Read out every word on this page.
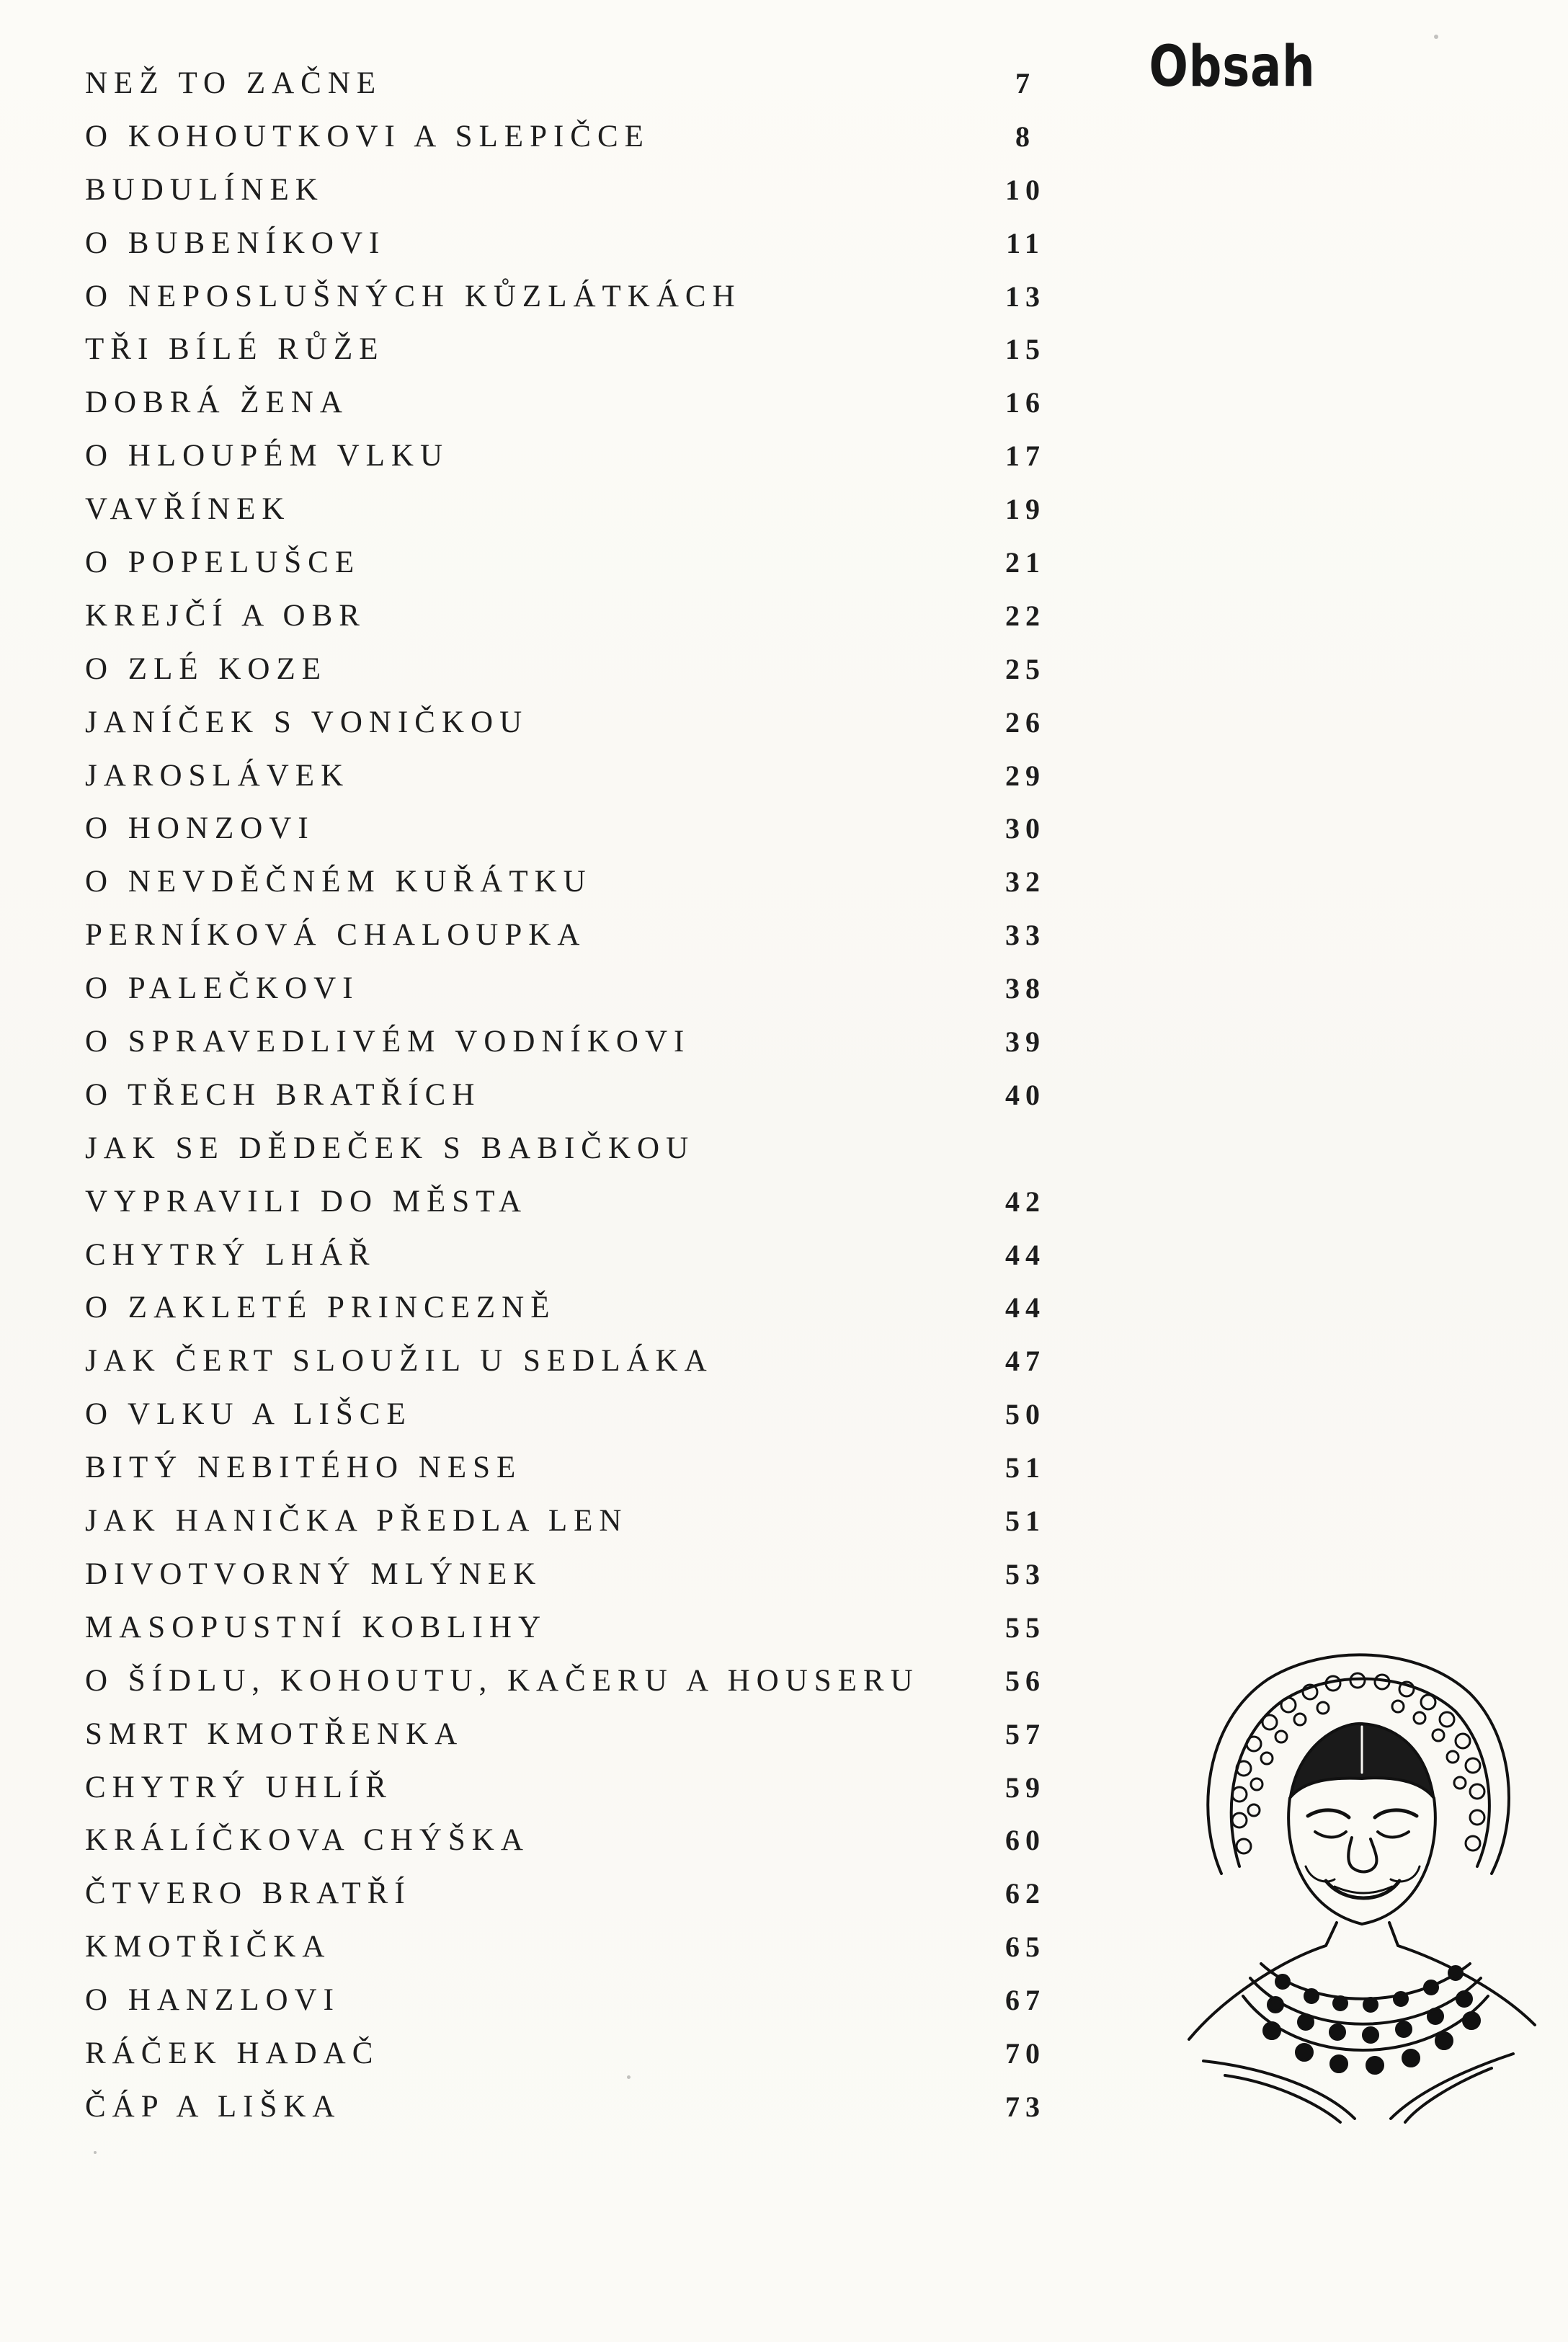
Obsah
NEŽ TO ZAČNE	7
O KOHOUTKOVI A SLEPIČCE	8
BUDULÍNEK	10
O BUBENÍKOVI	11
O NEPOSLUŠNÝCH KŮZLÁTKÁCH	13
TŘI BÍLÉ RŮŽE	15
DOBRÁ ŽENA	16
O HLOUPÉM VLKU	17
VAVŘÍNEK	19
O POPELUŠCE	21
KREJČÍ A OBR	22
O ZLÉ KOZE	25
JANÍČEK S VONIČKOU	26
JAROSLÁVEK	29
O HONZOVI	30
O NEVDĚČNÉM KUŘÁTKU	32
PERNÍKOVÁ CHALOUPKA	33
O PALEČKOVI	38
O SPRAVEDLIVÉM VODNÍKOVI	39
O TŘECH BRATŘÍCH	40
JAK SE DĚDEČEK S BABIČKOU
VYPRAVILI DO MĚSTA	42
CHYTRÝ LHÁŘ	44
O ZAKLETÉ PRINCEZNĚ	44
JAK ČERT SLOUŽIL U SEDLÁKA	47
O VLKU A LIŠCE	50
BITÝ NEBITÉHO NESE	51
JAK HANIČKA PŘEDLA LEN	51
DIVOTVORNÝ MLÝNEK	53
MASOPUSTNÍ KOBLIHY	55
O ŠÍDLU, KOHOUTU, KAČERU A HOUSERU	56
SMRT KMOTŘENKA	57
CHYTRÝ UHLÍŘ	59
KRÁLÍČKOVA CHÝŠKA	60
ČTVERO BRATŘÍ	62
KMOTŘIČKA	65
O HANZLOVI	67
RÁČEK HADAČ	70
ČÁP A LIŠKA	73
